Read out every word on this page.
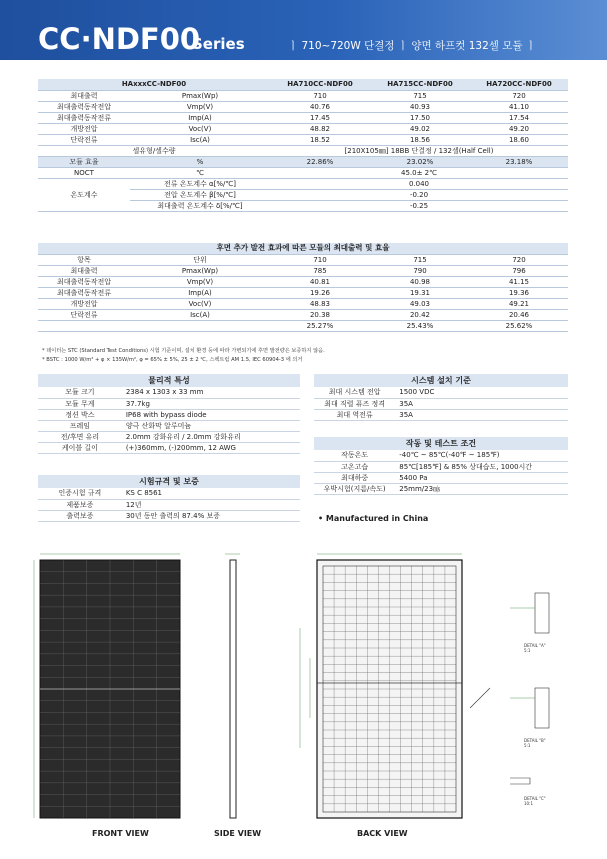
CC·NDF00
Series	ㅣ 710~720W 단결정 ㅣ 양면 하프컷 132셀 모듈 ㅣ
HAxxxCC-NDF00		HA710CC-NDF00	HA715CC-NDF00	HA720CC-NDF00
최대출력	Pmax(Wp)	710	715	720
최대출력동작전압	Vmp(V)	40.76	40.93	41.10
최대출력동작전류	Imp(A)	17.45	17.50	17.54
개방전압	Voc(V)	48.82	49.02	49.20
단락전류	Isc(A)	18.52	18.56	18.60
셀유형/셀수량		[210X105㎜] 18BB 단결정 / 132셀(Half Cell)		
모듈 효율	%	22.86%	23.02%	23.18%
NOCT	℃	45.0± 2℃		
온도계수	전류 온도계수 α[%/℃]	0.040		
	전압 온도계수 β[%/℃]	-0.20		
	최대출력 온도계수 δ[%/℃]	-0.25		
후면 추가 발전 효과에 따른 모듈의 최대출력 및 효율				
항목	단위	710	715	720
최대출력	Pmax(Wp)	785	790	796
최대출력동작전압	Vmp(V)	40.81	40.98	41.15
최대출력동작전류	Imp(A)	19.26	19.31	19.36
개방전압	Voc(V)	48.83	49.03	49.21
단락전류	Isc(A)	20.38	20.42	20.46
		25.27%	25.43%	25.62%
* 데이터는 STC (Standard Test Conditions) 시험 기준이며, 설치 환경 등에 따라 가변되기에 후면 발전량은 보증하지 않음.
* BSTC : 1000 W/m² + φ × 135W/m², φ = 65% ± 5%, 25 ± 2 ℃, 스펙트럼 AM 1.5, IEC 60904-3 에 의거
물리적 특성
모듈 크기	2384 x 1303 x 33 mm
모듈 무게	37.7kg
정션 박스	IP68 with bypass diode
프레임	양극 산화막 알루미늄
전/후면 유리	2.0mm 강화유리 / 2.0mm 강화유리
케이블 길이	(+)360mm, (-)200mm, 12 AWG
시험규격 및 보증
인증시험 규격	KS C 8561
제품보증	12년
출력보증	30년 동안 출력의 87.4% 보증
시스템 설치 기준
최대 시스템 전압	1500 VDC
최대 직렬 퓨즈 정격	35A
최대 역전류	35A
작동 및 테스트 조건
작동온도	-40℃ ~ 85℃(-40℉ ~ 185℉)
고온고습	85℃[185℉] & 85% 상대습도, 1000시간
최대하중	5400 Pa
우박시험(지름/속도)	25mm/23㎧
• Manufactured in China
DETAIL "A"
5:1
DETAIL "B"
5:1
DETAIL "C"
10:1
FRONT VIEW	SIDE VIEW	BACK VIEW
